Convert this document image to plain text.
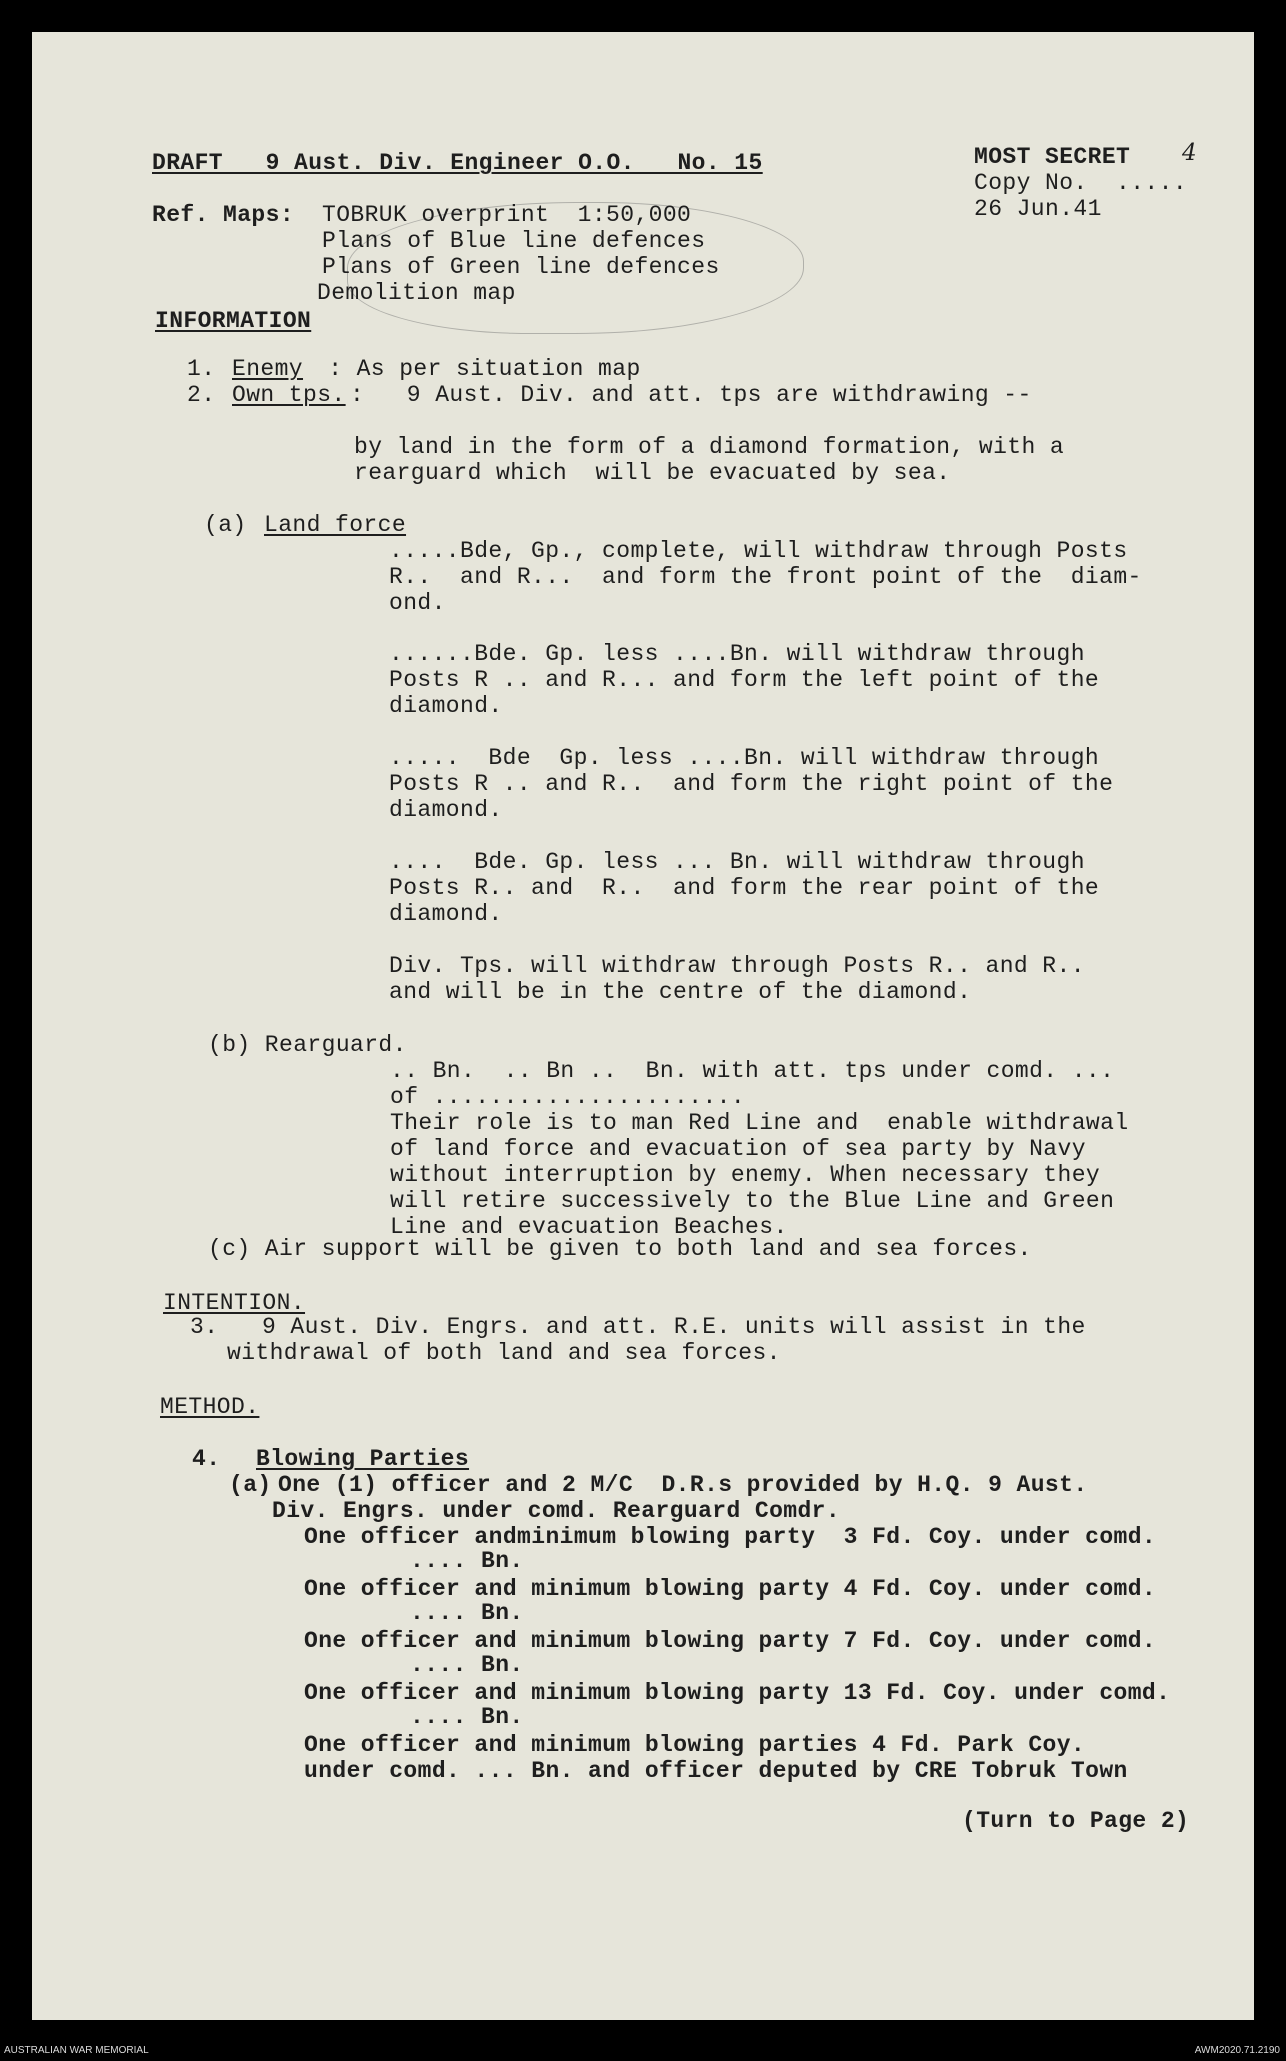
DRAFT   9 Aust. Div. Engineer O.O.   No. 15	MOST SECRET 4
Copy No.  .....
26 Jun.41
Ref. Maps: TOBRUK overprint  1:50,000
Plans of Blue line defences
Plans of Green line defences
Demolition map
INFORMATION
1. Enemy : As per situation map
2. Own tps. :   9 Aust. Div. and att. tps are withdrawing --
by land in the form of a diamond formation, with a
rearguard which  will be evacuated by sea.
(a) Land force
.....Bde, Gp., complete, will withdraw through Posts
R..  and R...  and form the front point of the  diam-
ond.
......Bde. Gp. less ....Bn. will withdraw through
Posts R .. and R... and form the left point of the
diamond.
.....  Bde  Gp. less ....Bn. will withdraw through
Posts R .. and R..  and form the right point of the
diamond.
....  Bde. Gp. less ... Bn. will withdraw through
Posts R.. and  R..  and form the rear point of the
diamond.
Div. Tps. will withdraw through Posts R.. and R..
and will be in the centre of the diamond.
(b) Rearguard.
.. Bn.  .. Bn ..  Bn. with att. tps under comd. ...
of ......................
Their role is to man Red Line and  enable withdrawal
of land force and evacuation of sea party by Navy
without interruption by enemy. When necessary they
will retire successively to the Blue Line and Green
Line and evacuation Beaches.
(c) Air support will be given to both land and sea forces.
INTENTION.
3. 9 Aust. Div. Engrs. and att. R.E. units will assist in the
withdrawal of both land and sea forces.
METHOD.
4. Blowing Parties
(a) One (1) officer and 2 M/C  D.R.s provided by H.Q. 9 Aust.
Div. Engrs. under comd. Rearguard Comdr.
One officer andminimum blowing party  3 Fd. Coy. under comd.
.... Bn.
One officer and minimum blowing party 4 Fd. Coy. under comd.
.... Bn.
One officer and minimum blowing party 7 Fd. Coy. under comd.
.... Bn.
One officer and minimum blowing party 13 Fd. Coy. under comd.
.... Bn.
One officer and minimum blowing parties 4 Fd. Park Coy.
under comd. ... Bn. and officer deputed by CRE Tobruk Town
(Turn to Page 2)
AUSTRALIAN WAR MEMORIAL	AWM2020.71.2190
